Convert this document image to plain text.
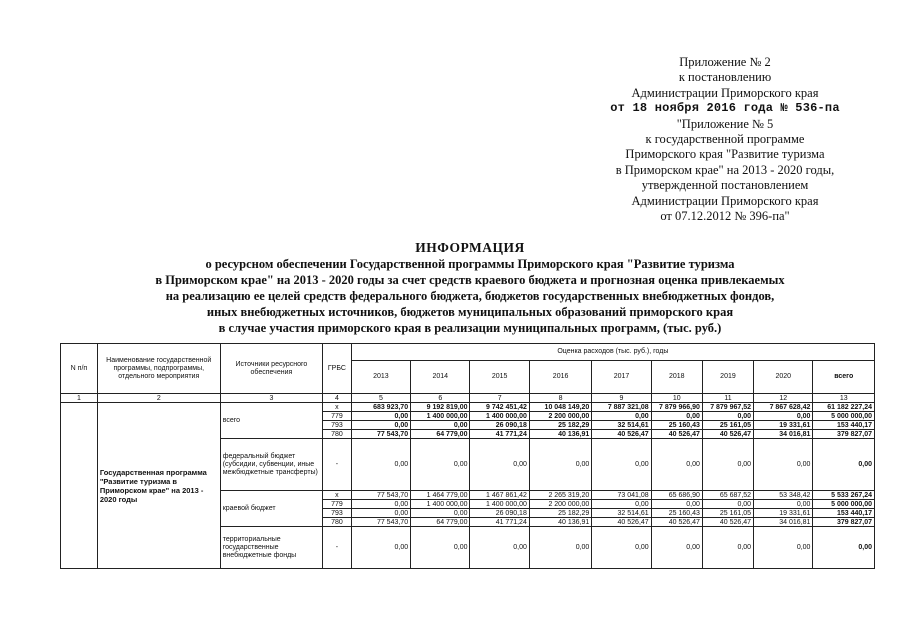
Приложение № 2
к постановлению
Администрации Приморского края
от 18 ноября 2016 года № 536-па
"Приложение № 5
к государственной программе
Приморского края "Развитие туризма
в Приморском крае" на 2013 - 2020 годы,
утвержденной постановлением
Администрации Приморского края
от 07.12.2012 № 396-па"
ИНФОРМАЦИЯ
о ресурсном обеспечении Государственной программы Приморского края "Развитие туризма
в Приморском крае" на 2013 - 2020 годы за счет средств краевого бюджета и прогнозная оценка привлекаемых
на реализацию ее целей средств федерального бюджета, бюджетов государственных внебюджетных фондов,
иных внебюджетных источников, бюджетов муниципальных образований приморского края
в случае участия приморского края в реализации муниципальных программ, (тыс. руб.)
N п/п	Наименование государственной программы, подпрограммы, отдельного мероприятия	Источники ресурсного обеспечения	ГРБС	Оценка расходов (тыс. руб.), годы								
				2013	2014	2015	2016	2017	2018	2019	2020	всего
1	2	3	4	5	6	7	8	9	10	11	12	13
	Государственная программа "Развитие туризма в Приморском крае" на 2013 - 2020 годы	всего	x	683 923,70	9 192 819,00	9 742 451,42	10 048 149,20	7 887 321,08	7 879 966,90	7 879 967,52	7 867 628,42	61 182 227,24
			779	0,00	1 400 000,00	1 400 000,00	2 200 000,00	0,00	0,00	0,00	0,00	5 000 000,00
			793	0,00	0,00	26 090,18	25 182,29	32 514,61	25 160,43	25 161,05	19 331,61	153 440,17
			780	77 543,70	64 779,00	41 771,24	40 136,91	40 526,47	40 526,47	40 526,47	34 016,81	379 827,07
		федеральный бюджет (субсидии, субвенции, иные межбюджетные трансферты)	-	0,00	0,00	0,00	0,00	0,00	0,00	0,00	0,00	0,00
		краевой бюджет	x	77 543,70	1 464 779,00	1 467 861,42	2 265 319,20	73 041,08	65 686,90	65 687,52	53 348,42	5 533 267,24
			779	0,00	1 400 000,00	1 400 000,00	2 200 000,00	0,00	0,00	0,00	0,00	5 000 000,00
			793	0,00	0,00	26 090,18	25 182,29	32 514,61	25 160,43	25 161,05	19 331,61	153 440,17
			780	77 543,70	64 779,00	41 771,24	40 136,91	40 526,47	40 526,47	40 526,47	34 016,81	379 827,07
		территориальные государственные внебюджетные фонды	-	0,00	0,00	0,00	0,00	0,00	0,00	0,00	0,00	0,00
